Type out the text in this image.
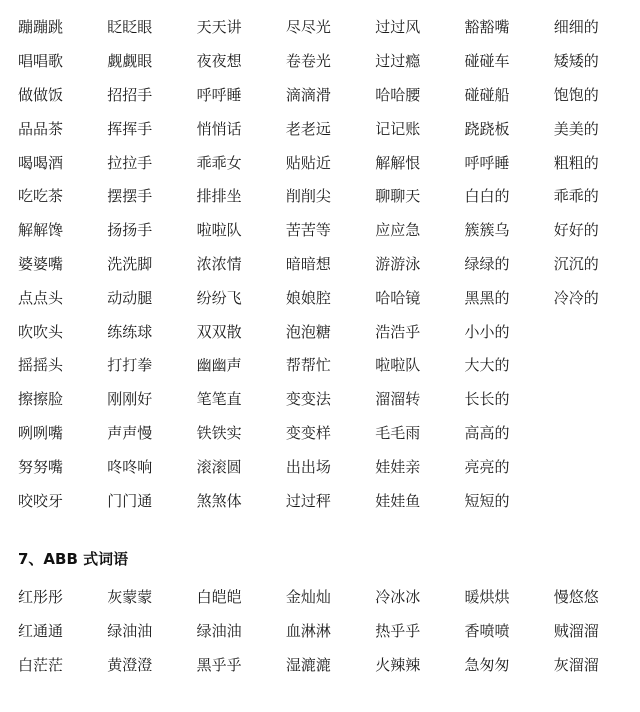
蹦蹦跳	眨眨眼	天天讲	尽尽光	过过风	豁豁嘴	细细的
唱唱歌	觑觑眼	夜夜想	卷卷光	过过瘾	碰碰车	矮矮的
做做饭	招招手	呼呼睡	滴滴滑	哈哈腰	碰碰船	饱饱的
品品茶	挥挥手	悄悄话	老老远	记记账	跷跷板	美美的
喝喝酒	拉拉手	乖乖女	贴贴近	解解恨	呼呼睡	粗粗的
吃吃茶	摆摆手	排排坐	削削尖	聊聊天	白白的	乖乖的
解解馋	扬扬手	啦啦队	苦苦等	应应急	簇簇乌	好好的
婆婆嘴	洗洗脚	浓浓情	暗暗想	游游泳	绿绿的	沉沉的
点点头	动动腿	纷纷飞	娘娘腔	哈哈镜	黑黑的	冷冷的
吹吹头	练练球	双双散	泡泡糖	浩浩乎	小小的
摇摇头	打打拳	幽幽声	帮帮忙	啦啦队	大大的
擦擦脸	刚刚好	笔笔直	变变法	溜溜转	长长的
咧咧嘴	声声慢	铁铁实	变变样	毛毛雨	高高的
努努嘴	咚咚响	滚滚圆	出出场	娃娃亲	亮亮的
咬咬牙	门门通	煞煞体	过过秤	娃娃鱼	短短的
7、ABB 式词语
红彤彤	灰蒙蒙	白皑皑	金灿灿	冷冰冰	暖烘烘	慢悠悠
红通通	绿油油	绿油油	血淋淋	热乎乎	香喷喷	贼溜溜
白茫茫	黄澄澄	黑乎乎	湿漉漉	火辣辣	急匆匆	灰溜溜
